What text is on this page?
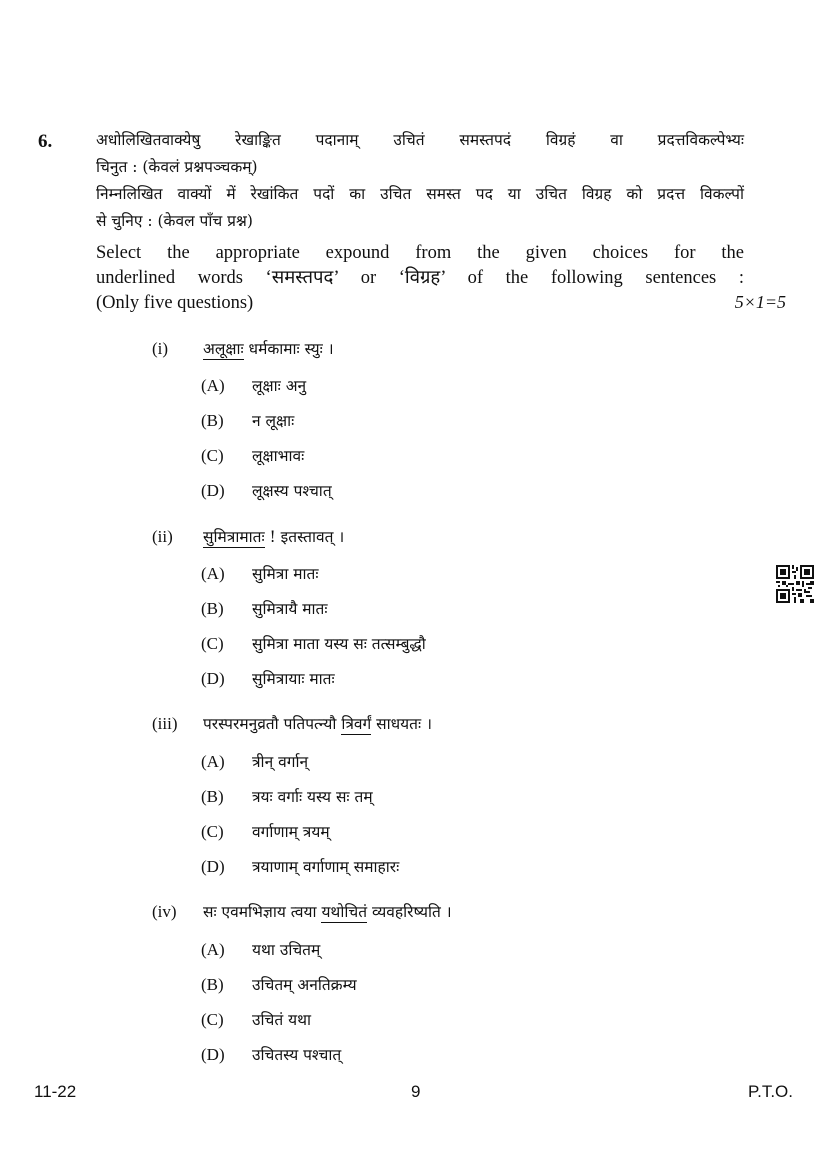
6.	अधोलिखितवाक्येषु रेखाङ्कित पदानाम् उचितं समस्तपदं विग्रहं वा प्रदत्तविकल्पेभ्यः
चिनुत : (केवलं प्रश्नपञ्चकम्)
निम्नलिखित वाक्यों में रेखांकित पदों का उचित समस्त पद या उचित विग्रह को प्रदत्त विकल्पों
से चुनिए : (केवल पाँच प्रश्न)
Select the appropriate expound from the given choices for the
underlined words ‘समस्तपद’ or ‘विग्रह’ of the following sentences :
(Only five questions)	5×1=5
(i) अलूक्षाः धर्मकामाः स्युः ।
(A) लूक्षाः अनु
(B) न लूक्षाः
(C) लूक्षाभावः
(D) लूक्षस्य पश्चात्
(ii) सुमित्रामातः ! इतस्तावत् ।
(A) सुमित्रा मातः
(B) सुमित्रायै मातः
(C) सुमित्रा माता यस्य सः तत्सम्बुद्धौ
(D) सुमित्रायाः मातः
(iii) परस्परमनुव्रतौ पतिपत्न्यौ त्रिवर्गं साधयतः ।
(A) त्रीन् वर्गान्
(B) त्रयः वर्गाः यस्य सः तम्
(C) वर्गाणाम् त्रयम्
(D) त्रयाणाम् वर्गाणाम् समाहारः
(iv) सः एवमभिज्ञाय त्वया यथोचितं व्यवहरिष्यति ।
(A) यथा उचितम्
(B) उचितम् अनतिक्रम्य
(C) उचितं यथा
(D) उचितस्य पश्चात्
11-22	9	P.T.O.
